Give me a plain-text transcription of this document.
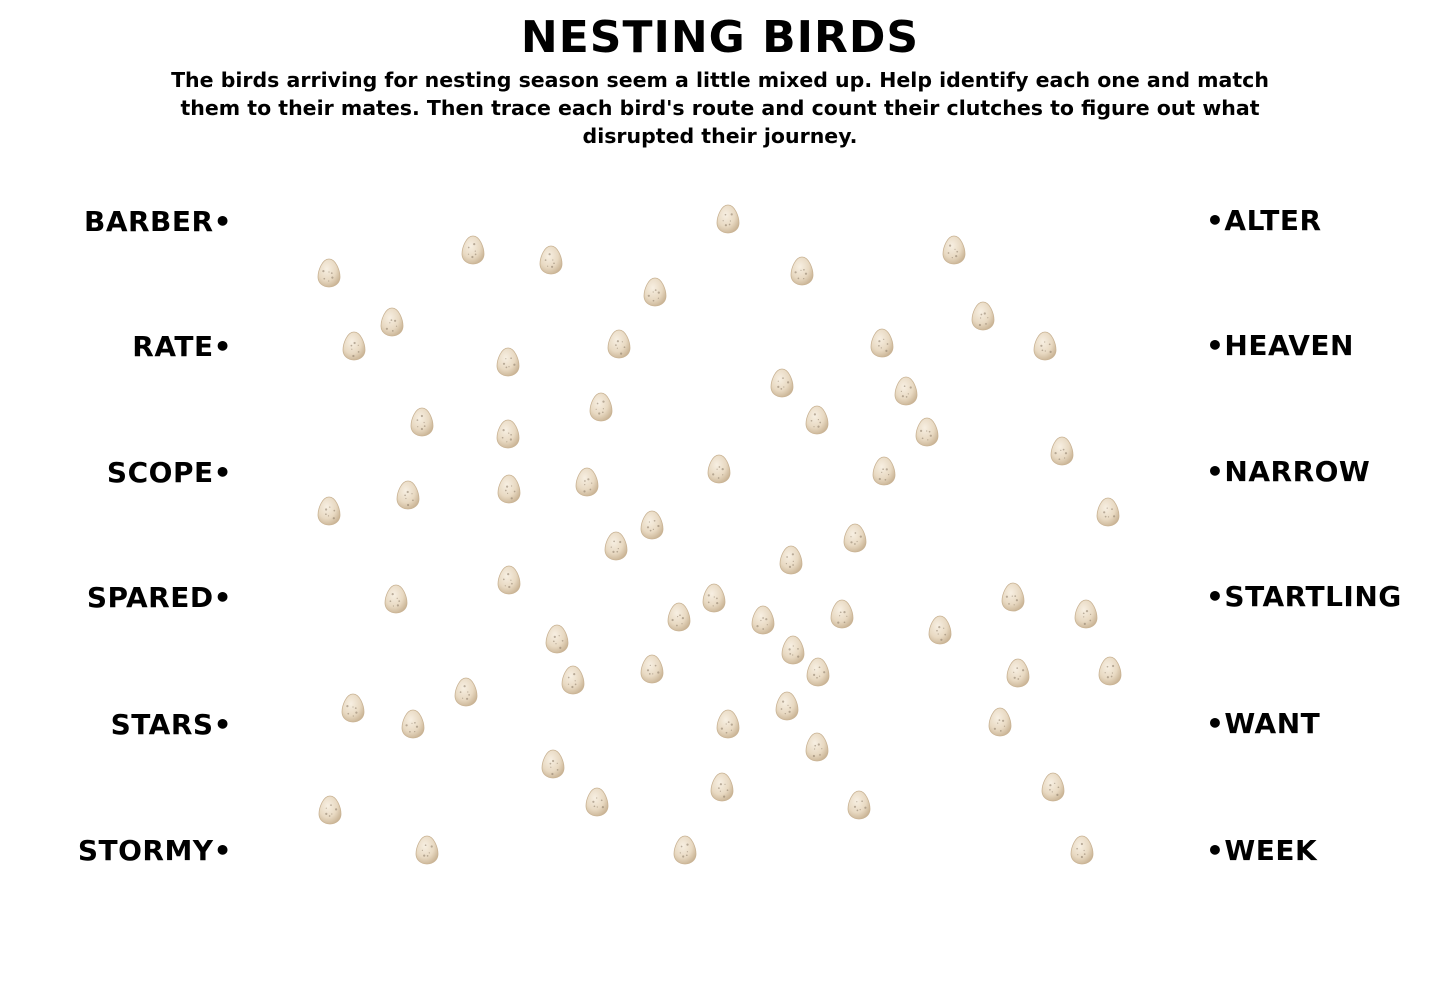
NESTING BIRDS
The birds arriving for nesting season seem a little mixed up. Help identify each one and match them to their mates. Then trace each bird's route and count their clutches to figure out what disrupted their journey.
BARBER•
RATE•
SCOPE•
SPARED•
STARS•
STORMY•
•ALTER
•HEAVEN
•NARROW
•STARTLING
•WANT
•WEEK
